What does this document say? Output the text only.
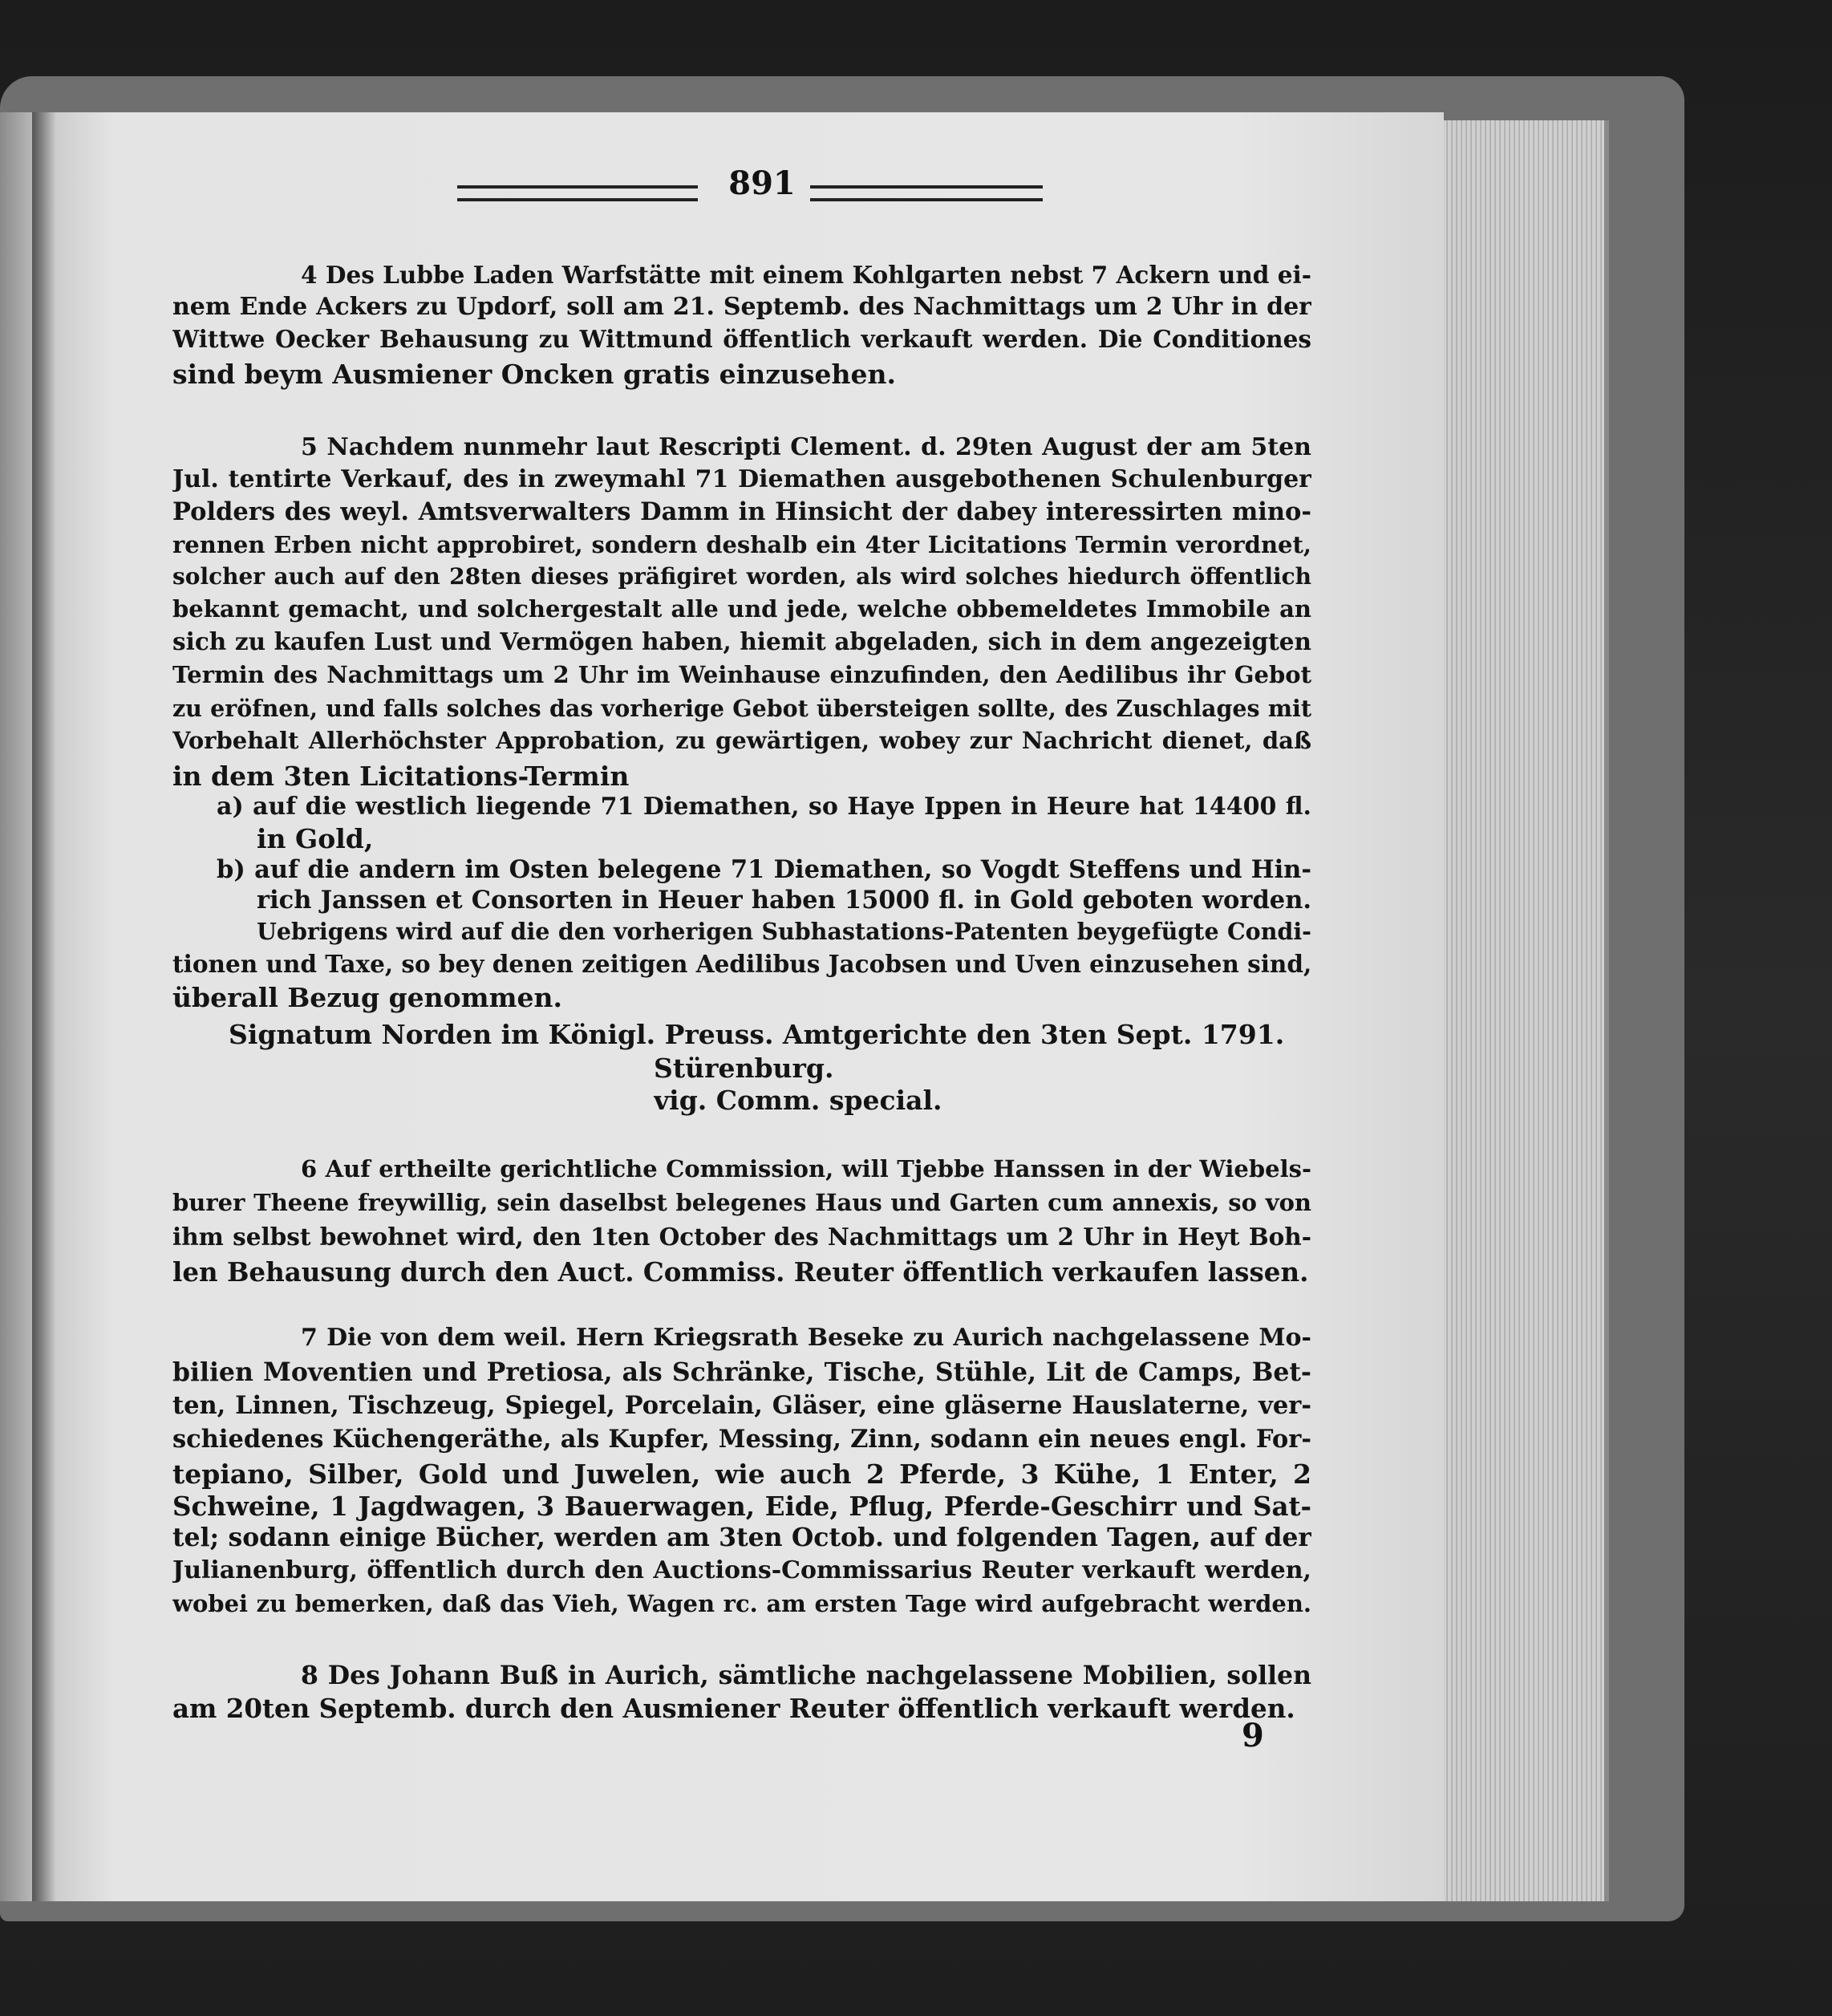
891
4 Des Lubbe Laden Warfstätte mit einem Kohlgarten nebst 7 Ackern und ei-
nem Ende Ackers zu Updorf, soll am 21. Septemb. des Nachmittags um 2 Uhr in der
Wittwe Oecker Behausung zu Wittmund öffentlich verkauft werden. Die Conditiones
sind beym Ausmiener Oncken gratis einzusehen.
5 Nachdem nunmehr laut Rescripti Clement. d. 29ten August der am 5ten
Jul. tentirte Verkauf, des in zweymahl 71 Diemathen ausgebothenen Schulenburger
Polders des weyl. Amtsverwalters Damm in Hinsicht der dabey interessirten mino-
rennen Erben nicht approbiret, sondern deshalb ein 4ter Licitations Termin verordnet,
solcher auch auf den 28ten dieses präfigiret worden, als wird solches hiedurch öffentlich
bekannt gemacht, und solchergestalt alle und jede, welche obbemeldetes Immobile an
sich zu kaufen Lust und Vermögen haben, hiemit abgeladen, sich in dem angezeigten
Termin des Nachmittags um 2 Uhr im Weinhause einzufinden, den Aedilibus ihr Gebot
zu eröfnen, und falls solches das vorherige Gebot übersteigen sollte, des Zuschlages mit
Vorbehalt Allerhöchster Approbation, zu gewärtigen, wobey zur Nachricht dienet, daß
in dem 3ten Licitations-Termin
a) auf die westlich liegende 71 Diemathen, so Haye Ippen in Heure hat 14400 fl.
in Gold,
b) auf die andern im Osten belegene 71 Diemathen, so Vogdt Steffens und Hin-
rich Janssen et Consorten in Heuer haben 15000 fl. in Gold geboten worden.
Uebrigens wird auf die den vorherigen Subhastations-Patenten beygefügte Condi-
tionen und Taxe, so bey denen zeitigen Aedilibus Jacobsen und Uven einzusehen sind,
überall Bezug genommen.
Signatum Norden im Königl. Preuss. Amtgerichte den 3ten Sept. 1791.
Stürenburg.
vig. Comm. special.
6 Auf ertheilte gerichtliche Commission, will Tjebbe Hanssen in der Wiebels-
burer Theene freywillig, sein daselbst belegenes Haus und Garten cum annexis, so von
ihm selbst bewohnet wird, den 1ten October des Nachmittags um 2 Uhr in Heyt Boh-
len Behausung durch den Auct. Commiss. Reuter öffentlich verkaufen lassen.
7 Die von dem weil. Hern Kriegsrath Beseke zu Aurich nachgelassene Mo-
bilien Moventien und Pretiosa, als Schränke, Tische, Stühle, Lit de Camps, Bet-
ten, Linnen, Tischzeug, Spiegel, Porcelain, Gläser, eine gläserne Hauslaterne, ver-
schiedenes Küchengeräthe, als Kupfer, Messing, Zinn, sodann ein neues engl. For-
tepiano, Silber, Gold und Juwelen, wie auch 2 Pferde, 3 Kühe, 1 Enter, 2
Schweine, 1 Jagdwagen, 3 Bauerwagen, Eide, Pflug, Pferde-Geschirr und Sat-
tel; sodann einige Bücher, werden am 3ten Octob. und folgenden Tagen, auf der
Julianenburg, öffentlich durch den Auctions-Commissarius Reuter verkauft werden,
wobei zu bemerken, daß das Vieh, Wagen rc. am ersten Tage wird aufgebracht werden.
8 Des Johann Buß in Aurich, sämtliche nachgelassene Mobilien, sollen
am 20ten Septemb. durch den Ausmiener Reuter öffentlich verkauft werden.
9
